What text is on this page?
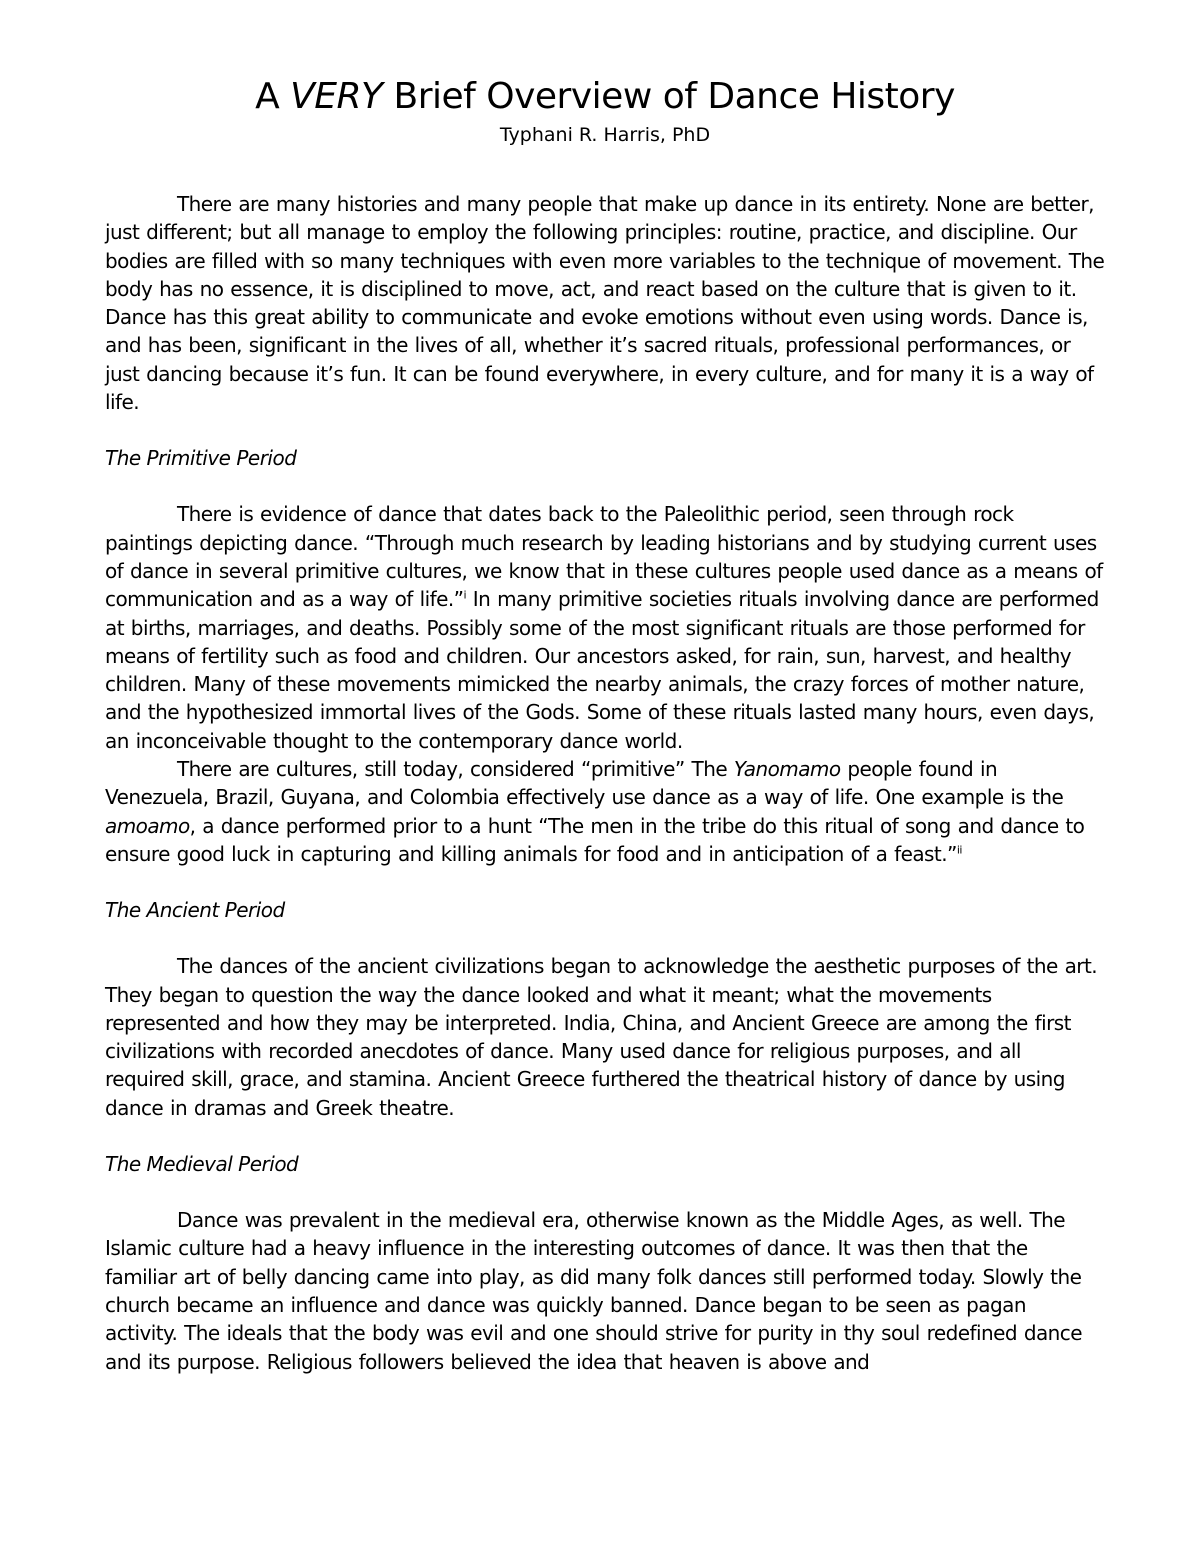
A VERY Brief Overview of Dance History
Typhani R. Harris, PhD

There are many histories and many people that make up dance in its entirety. None are better, just different; but all manage to employ the following principles: routine, practice, and discipline. Our bodies are filled with so many techniques with even more variables to the technique of movement. The body has no essence, it is disciplined to move, act, and react based on the culture that is given to it. Dance has this great ability to communicate and evoke emotions without even using words. Dance is, and has been, significant in the lives of all, whether it’s sacred rituals, professional performances, or just dancing because it’s fun. It can be found everywhere, in every culture, and for many it is a way of life.

The Primitive Period

There is evidence of dance that dates back to the Paleolithic period, seen through rock paintings depicting dance. “Through much research by leading historians and by studying current uses of dance in several primitive cultures, we know that in these cultures people used dance as a means of communication and as a way of life.”$^i$ In many primitive societies rituals involving dance are performed at births, marriages, and deaths. Possibly some of the most significant rituals are those performed for means of fertility such as food and children. Our ancestors asked, for rain, sun, harvest, and healthy children. Many of these movements mimicked the nearby animals, the crazy forces of mother nature, and the hypothesized immortal lives of the Gods. Some of these rituals lasted many hours, even days, an inconceivable thought to the contemporary dance world.

There are cultures, still today, considered “primitive” The Yanomamo people found in Venezuela, Brazil, Guyana, and Colombia effectively use dance as a way of life. One example is the amoamo, a dance performed prior to a hunt “The men in the tribe do this ritual of song and dance to ensure good luck in capturing and killing animals for food and in anticipation of a feast.”$^{ii}$

The Ancient Period

The dances of the ancient civilizations began to acknowledge the aesthetic purposes of the art. They began to question the way the dance looked and what it meant; what the movements represented and how they may be interpreted. India, China, and Ancient Greece are among the first civilizations with recorded anecdotes of dance. Many used dance for religious purposes, and all required skill, grace, and stamina. Ancient Greece furthered the theatrical history of dance by using dance in dramas and Greek theatre.

The Medieval Period

Dance was prevalent in the medieval era, otherwise known as the Middle Ages, as well. The Islamic culture had a heavy influence in the interesting outcomes of dance. It was then that the familiar art of belly dancing came into play, as did many folk dances still performed today. Slowly the church became an influence and dance was quickly banned. Dance began to be seen as pagan activity. The ideals that the body was evil and one should strive for purity in thy soul redefined dance and its purpose. Religious followers believed the idea that heaven is above and
